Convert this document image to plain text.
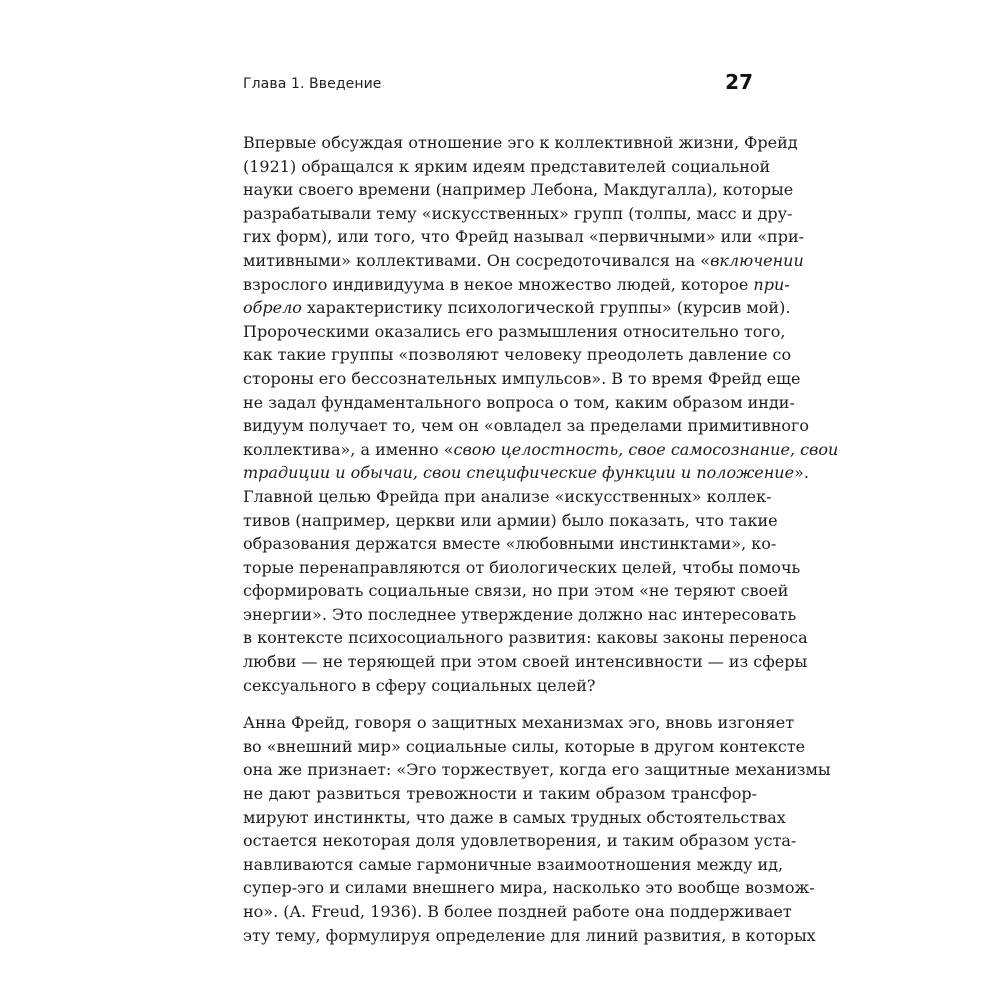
Глава 1. Введение	27
Впервые обсуждая отношение эго к коллективной жизни, Фрейд
(1921) обращался к ярким идеям представителей социальной
науки своего времени (например Лебона, Макдугалла), которые
разрабатывали тему «искусственных» групп (толпы, масс и дру-
гих форм), или того, что Фрейд называл «первичными» или «при-
митивными» коллективами. Он сосредоточивался на «включении
взрослого индивидуума в некое множество людей, которое при-
обрело характеристику психологической группы» (курсив мой).
Пророческими оказались его размышления относительно того,
как такие группы «позволяют человеку преодолеть давление со
стороны его бессознательных импульсов». В то время Фрейд еще
не задал фундаментального вопроса о том, каким образом инди-
видуум получает то, чем он «овладел за пределами примитивного
коллектива», а именно «свою целостность, свое самосознание, свои
традиции и обычаи, свои специфические функции и положение».
Главной целью Фрейда при анализе «искусственных» коллек-
тивов (например, церкви или армии) было показать, что такие
образования держатся вместе «любовными инстинктами», ко-
торые перенаправляются от биологических целей, чтобы помочь
сформировать социальные связи, но при этом «не теряют своей
энергии». Это последнее утверждение должно нас интересовать
в контексте психосоциального развития: каковы законы переноса
любви — не теряющей при этом своей интенсивности — из сферы
сексуального в сферу социальных целей?
Анна Фрейд, говоря о защитных механизмах эго, вновь изгоняет
во «внешний мир» социальные силы, которые в другом контексте
она же признает: «Эго торжествует, когда его защитные механизмы
не дают развиться тревожности и таким образом трансфор-
мируют инстинкты, что даже в самых трудных обстоятельствах
остается некоторая доля удовлетворения, и таким образом уста-
навливаются самые гармоничные взаимоотношения между ид,
супер-эго и силами внешнего мира, насколько это вообще возмож-
но». (A. Freud, 1936). В более поздней работе она поддерживает
эту тему, формулируя определение для линий развития, в которых
